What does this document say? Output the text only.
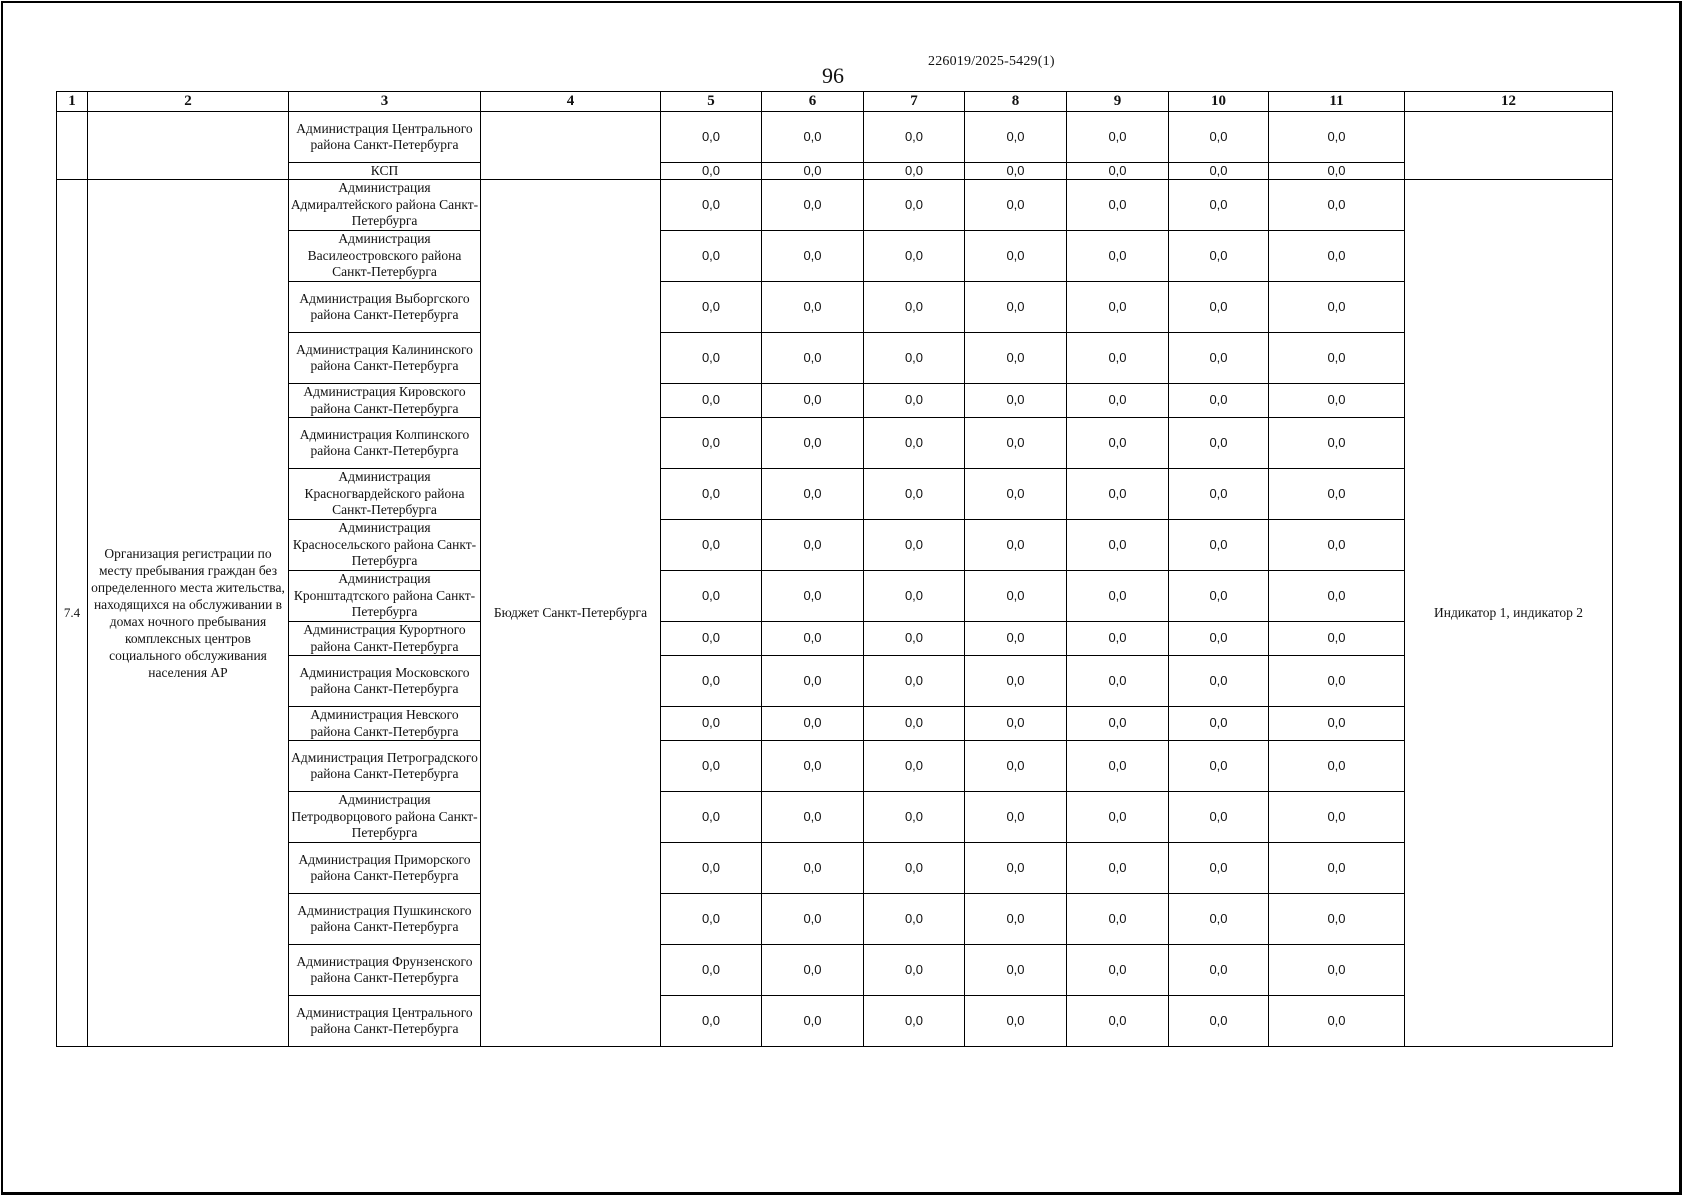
226019/2025-5429(1)
96
1	2	3	4	5	6	7	8	9	10	11	12
		Администрация Центрального района Санкт-Петербурга		0,0	0,0	0,0	0,0	0,0	0,0	0,0	
		КСП		0,0	0,0	0,0	0,0	0,0	0,0	0,0	
7.4	Организация регистрации по месту пребывания граждан без определенного места жительства, находящихся на обслуживании в домах ночного пребывания комплексных центров социального обслуживания населения АР	Администрация Адмиралтейского района Санкт-Петербурга	Бюджет Санкт-Петербурга	0,0	0,0	0,0	0,0	0,0	0,0	0,0	Индикатор 1, индикатор 2
		Администрация Василеостровского района Санкт-Петербурга		0,0	0,0	0,0	0,0	0,0	0,0	0,0	
		Администрация Выборгского района Санкт-Петербурга		0,0	0,0	0,0	0,0	0,0	0,0	0,0	
		Администрация Калининского района Санкт-Петербурга		0,0	0,0	0,0	0,0	0,0	0,0	0,0	
		Администрация Кировского района Санкт-Петербурга		0,0	0,0	0,0	0,0	0,0	0,0	0,0	
		Администрация Колпинского района Санкт-Петербурга		0,0	0,0	0,0	0,0	0,0	0,0	0,0	
		Администрация Красногвардейского района Санкт-Петербурга		0,0	0,0	0,0	0,0	0,0	0,0	0,0	
		Администрация Красносельского района Санкт-Петербурга		0,0	0,0	0,0	0,0	0,0	0,0	0,0	
		Администрация Кронштадтского района Санкт-Петербурга		0,0	0,0	0,0	0,0	0,0	0,0	0,0	
		Администрация Курортного района Санкт-Петербурга		0,0	0,0	0,0	0,0	0,0	0,0	0,0	
		Администрация Московского района Санкт-Петербурга		0,0	0,0	0,0	0,0	0,0	0,0	0,0	
		Администрация Невского района Санкт-Петербурга		0,0	0,0	0,0	0,0	0,0	0,0	0,0	
		Администрация Петроградского района Санкт-Петербурга		0,0	0,0	0,0	0,0	0,0	0,0	0,0	
		Администрация Петродворцового района Санкт-Петербурга		0,0	0,0	0,0	0,0	0,0	0,0	0,0	
		Администрация Приморского района Санкт-Петербурга		0,0	0,0	0,0	0,0	0,0	0,0	0,0	
		Администрация Пушкинского района Санкт-Петербурга		0,0	0,0	0,0	0,0	0,0	0,0	0,0	
		Администрация Фрунзенского района Санкт-Петербурга		0,0	0,0	0,0	0,0	0,0	0,0	0,0	
		Администрация Центрального района Санкт-Петербурга		0,0	0,0	0,0	0,0	0,0	0,0	0,0	
